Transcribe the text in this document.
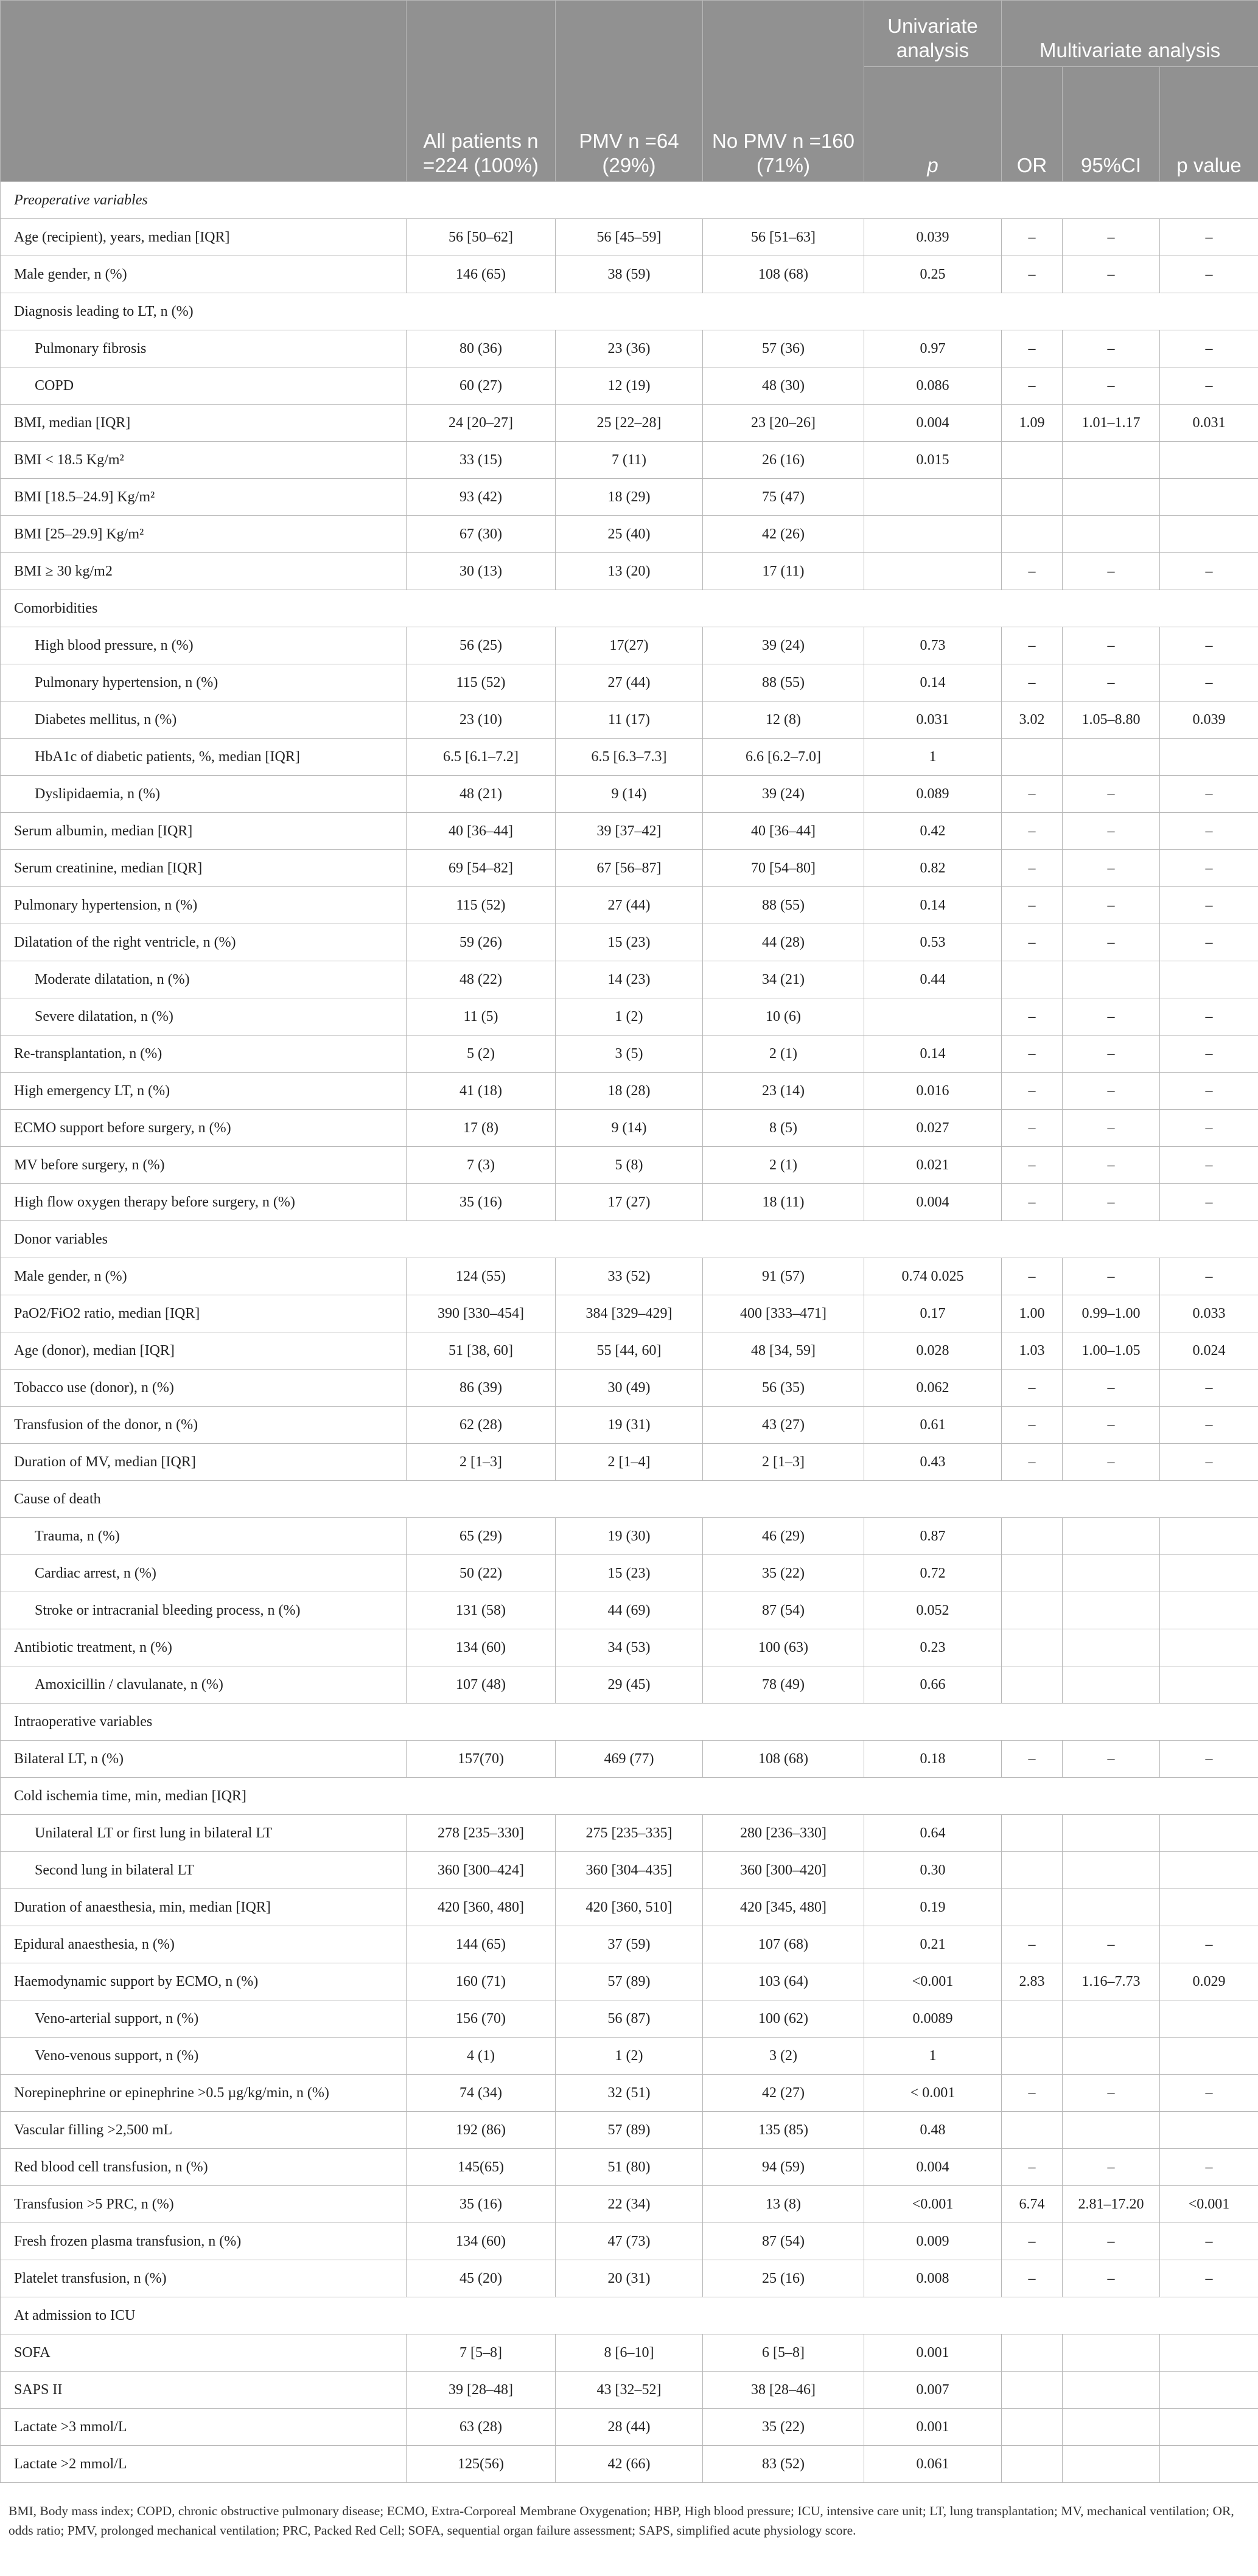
	All patients n =224 (100%)	PMV n =64 (29%)	No PMV n =160 (71%)	Univariate analysis	Multivariate analysis		
				p	OR	95%CI	p value
Preoperative variables							
Age (recipient), years, median [IQR]	56 [50–62]	56 [45–59]	56 [51–63]	0.039	–	–	–
Male gender, n (%)	146 (65)	38 (59)	108 (68)	0.25	–	–	–
Diagnosis leading to LT, n (%)							
Pulmonary fibrosis	80 (36)	23 (36)	57 (36)	0.97	–	–	–
COPD	60 (27)	12 (19)	48 (30)	0.086	–	–	–
BMI, median [IQR]	24 [20–27]	25 [22–28]	23 [20–26]	0.004	1.09	1.01–1.17	0.031
BMI < 18.5 Kg/m²	33 (15)	7 (11)	26 (16)	0.015			
BMI [18.5–24.9] Kg/m²	93 (42)	18 (29)	75 (47)				
BMI [25–29.9] Kg/m²	67 (30)	25 (40)	42 (26)				
BMI ≥ 30 kg/m2	30 (13)	13 (20)	17 (11)		–	–	–
Comorbidities							
High blood pressure, n (%)	56 (25)	17(27)	39 (24)	0.73	–	–	–
Pulmonary hypertension, n (%)	115 (52)	27 (44)	88 (55)	0.14	–	–	–
Diabetes mellitus, n (%)	23 (10)	11 (17)	12 (8)	0.031	3.02	1.05–8.80	0.039
HbA1c of diabetic patients, %, median [IQR]	6.5 [6.1–7.2]	6.5 [6.3–7.3]	6.6 [6.2–7.0]	1			
Dyslipidaemia, n (%)	48 (21)	9 (14)	39 (24)	0.089	–	–	–
Serum albumin, median [IQR]	40 [36–44]	39 [37–42]	40 [36–44]	0.42	–	–	–
Serum creatinine, median [IQR]	69 [54–82]	67 [56–87]	70 [54–80]	0.82	–	–	–
Pulmonary hypertension, n (%)	115 (52)	27 (44)	88 (55)	0.14	–	–	–
Dilatation of the right ventricle, n (%)	59 (26)	15 (23)	44 (28)	0.53	–	–	–
Moderate dilatation, n (%)	48 (22)	14 (23)	34 (21)	0.44			
Severe dilatation, n (%)	11 (5)	1 (2)	10 (6)		–	–	–
Re-transplantation, n (%)	5 (2)	3 (5)	2 (1)	0.14	–	–	–
High emergency LT, n (%)	41 (18)	18 (28)	23 (14)	0.016	–	–	–
ECMO support before surgery, n (%)	17 (8)	9 (14)	8 (5)	0.027	–	–	–
MV before surgery, n (%)	7 (3)	5 (8)	2 (1)	0.021	–	–	–
High flow oxygen therapy before surgery, n (%)	35 (16)	17 (27)	18 (11)	0.004	–	–	–
Donor variables							
Male gender, n (%)	124 (55)	33 (52)	91 (57)	0.74 0.025	–	–	–
PaO2/FiO2 ratio, median [IQR]	390 [330–454]	384 [329–429]	400 [333–471]	0.17	1.00	0.99–1.00	0.033
Age (donor), median [IQR]	51 [38, 60]	55 [44, 60]	48 [34, 59]	0.028	1.03	1.00–1.05	0.024
Tobacco use (donor), n (%)	86 (39)	30 (49)	56 (35)	0.062	–	–	–
Transfusion of the donor, n (%)	62 (28)	19 (31)	43 (27)	0.61	–	–	–
Duration of MV, median [IQR]	2 [1–3]	2 [1–4]	2 [1–3]	0.43	–	–	–
Cause of death							
Trauma, n (%)	65 (29)	19 (30)	46 (29)	0.87			
Cardiac arrest, n (%)	50 (22)	15 (23)	35 (22)	0.72			
Stroke or intracranial bleeding process, n (%)	131 (58)	44 (69)	87 (54)	0.052			
Antibiotic treatment, n (%)	134 (60)	34 (53)	100 (63)	0.23			
Amoxicillin / clavulanate, n (%)	107 (48)	29 (45)	78 (49)	0.66			
Intraoperative variables							
Bilateral LT, n (%)	157(70)	469 (77)	108 (68)	0.18	–	–	–
Cold ischemia time, min, median [IQR]							
Unilateral LT or first lung in bilateral LT	278 [235–330]	275 [235–335]	280 [236–330]	0.64			
Second lung in bilateral LT	360 [300–424]	360 [304–435]	360 [300–420]	0.30			
Duration of anaesthesia, min, median [IQR]	420 [360, 480]	420 [360, 510]	420 [345, 480]	0.19			
Epidural anaesthesia, n (%)	144 (65)	37 (59)	107 (68)	0.21	–	–	–
Haemodynamic support by ECMO, n (%)	160 (71)	57 (89)	103 (64)	<0.001	2.83	1.16–7.73	0.029
Veno-arterial support, n (%)	156 (70)	56 (87)	100 (62)	0.0089			
Veno-venous support, n (%)	4 (1)	1 (2)	3 (2)	1			
Norepinephrine or epinephrine >0.5 µg/kg/min, n (%)	74 (34)	32 (51)	42 (27)	< 0.001	–	–	–
Vascular filling >2,500 mL	192 (86)	57 (89)	135 (85)	0.48			
Red blood cell transfusion, n (%)	145(65)	51 (80)	94 (59)	0.004	–	–	–
Transfusion >5 PRC, n (%)	35 (16)	22 (34)	13 (8)	<0.001	6.74	2.81–17.20	<0.001
Fresh frozen plasma transfusion, n (%)	134 (60)	47 (73)	87 (54)	0.009	–	–	–
Platelet transfusion, n (%)	45 (20)	20 (31)	25 (16)	0.008	–	–	–
At admission to ICU							
SOFA	7 [5–8]	8 [6–10]	6 [5–8]	0.001			
SAPS II	39 [28–48]	43 [32–52]	38 [28–46]	0.007			
Lactate >3 mmol/L	63 (28)	28 (44)	35 (22)	0.001			
Lactate >2 mmol/L	125(56)	42 (66)	83 (52)	0.061			
BMI, Body mass index; COPD, chronic obstructive pulmonary disease; ECMO, Extra-Corporeal Membrane Oxygenation; HBP, High blood pressure; ICU, intensive care unit; LT, lung transplantation; MV, mechanical ventilation; OR, odds ratio; PMV, prolonged mechanical ventilation; PRC, Packed Red Cell; SOFA, sequential organ failure assessment; SAPS, simplified acute physiology score.
